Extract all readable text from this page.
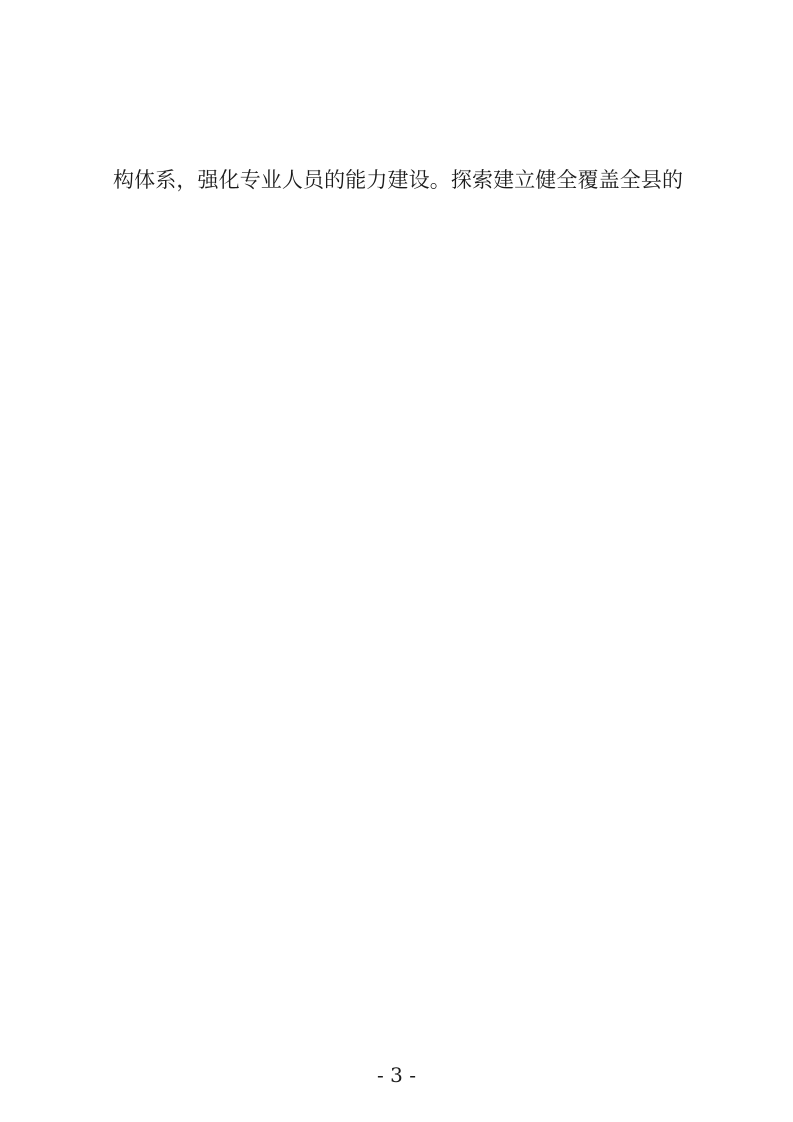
构体系，强化专业人员的能力建设。探索建立健全覆盖全县的
- 3 -
